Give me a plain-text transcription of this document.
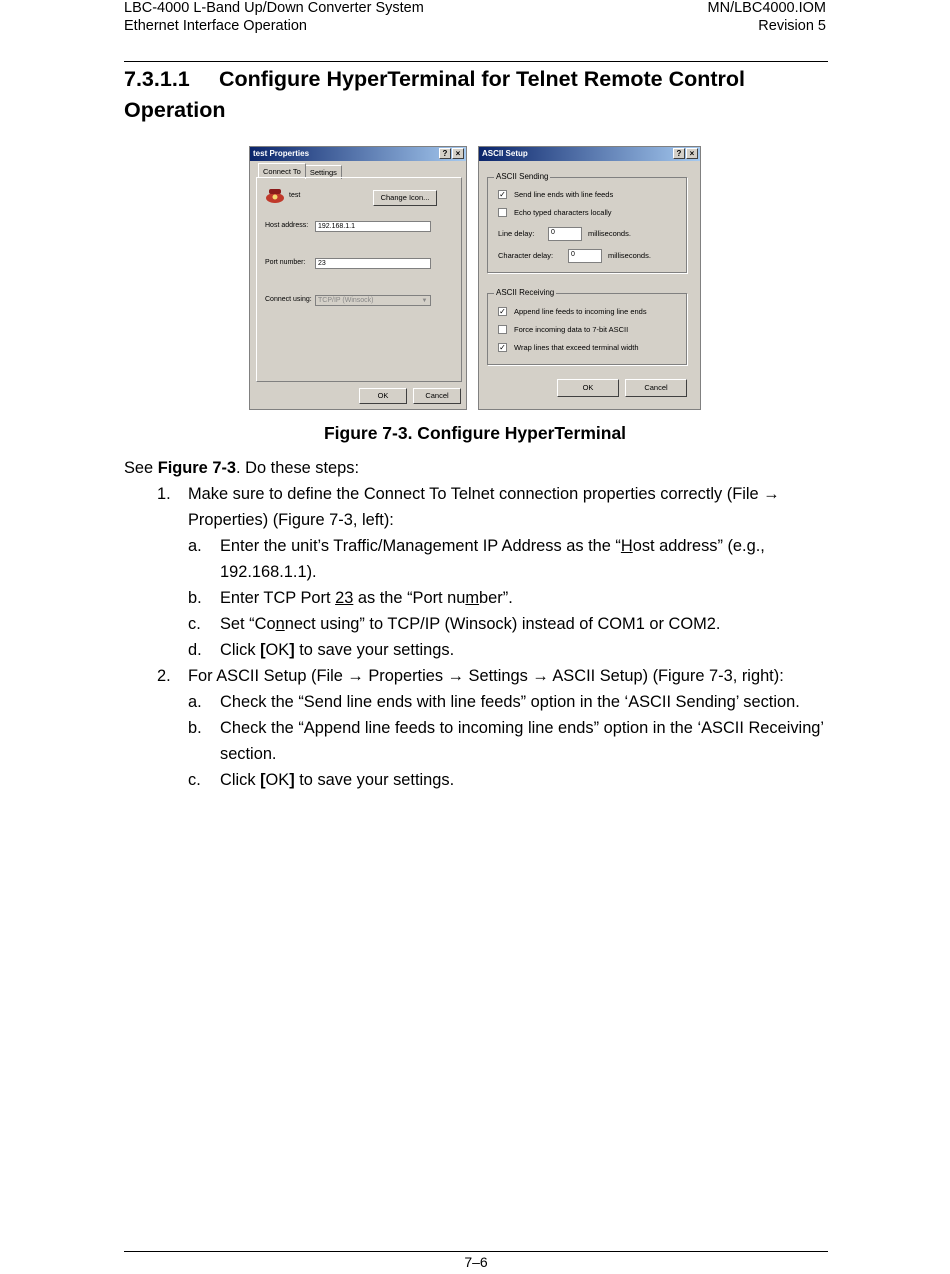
LBC-4000 L-Band Up/Down Converter System
Ethernet Interface Operation
MN/LBC4000.IOM
Revision 5
7.3.1.1 Configure HyperTerminal for Telnet Remote Control Operation
test Properties	? ×
Connect To Settings
test	Change Icon...
Host address:	192.168.1.1
Port number:	23
Connect using: TCP/IP (Winsock)	▼
OK	Cancel
ASCII Setup	? ×
ASCII Sending
✓ Send line ends with line feeds
Echo typed characters locally
Line delay:	0	milliseconds.
Character delay:	0	milliseconds.
ASCII Receiving
✓ Append line feeds to incoming line ends
Force incoming data to 7-bit ASCII
✓ Wrap lines that exceed terminal width
OK	Cancel
Figure 7-3. Configure HyperTerminal

See Figure 7-3. Do these steps:

1. Make sure to define the Connect To Telnet connection properties correctly (File → Properties) (Figure 7-3, left):
a. Enter the unit’s Traffic/Management IP Address as the “Host address” (e.g., 192.168.1.1).
b. Enter TCP Port 23 as the “Port number”.
c. Set “Connect using” to TCP/IP (Winsock) instead of COM1 or COM2.
d. Click [OK] to save your settings.
2. For ASCII Setup (File → Properties → Settings → ASCII Setup) (Figure 7-3, right):
a. Check the “Send line ends with line feeds” option in the ‘ASCII Sending’ section.
b. Check the “Append line feeds to incoming line ends” option in the ‘ASCII Receiving’ section.
c. Click [OK] to save your settings.
7–6
